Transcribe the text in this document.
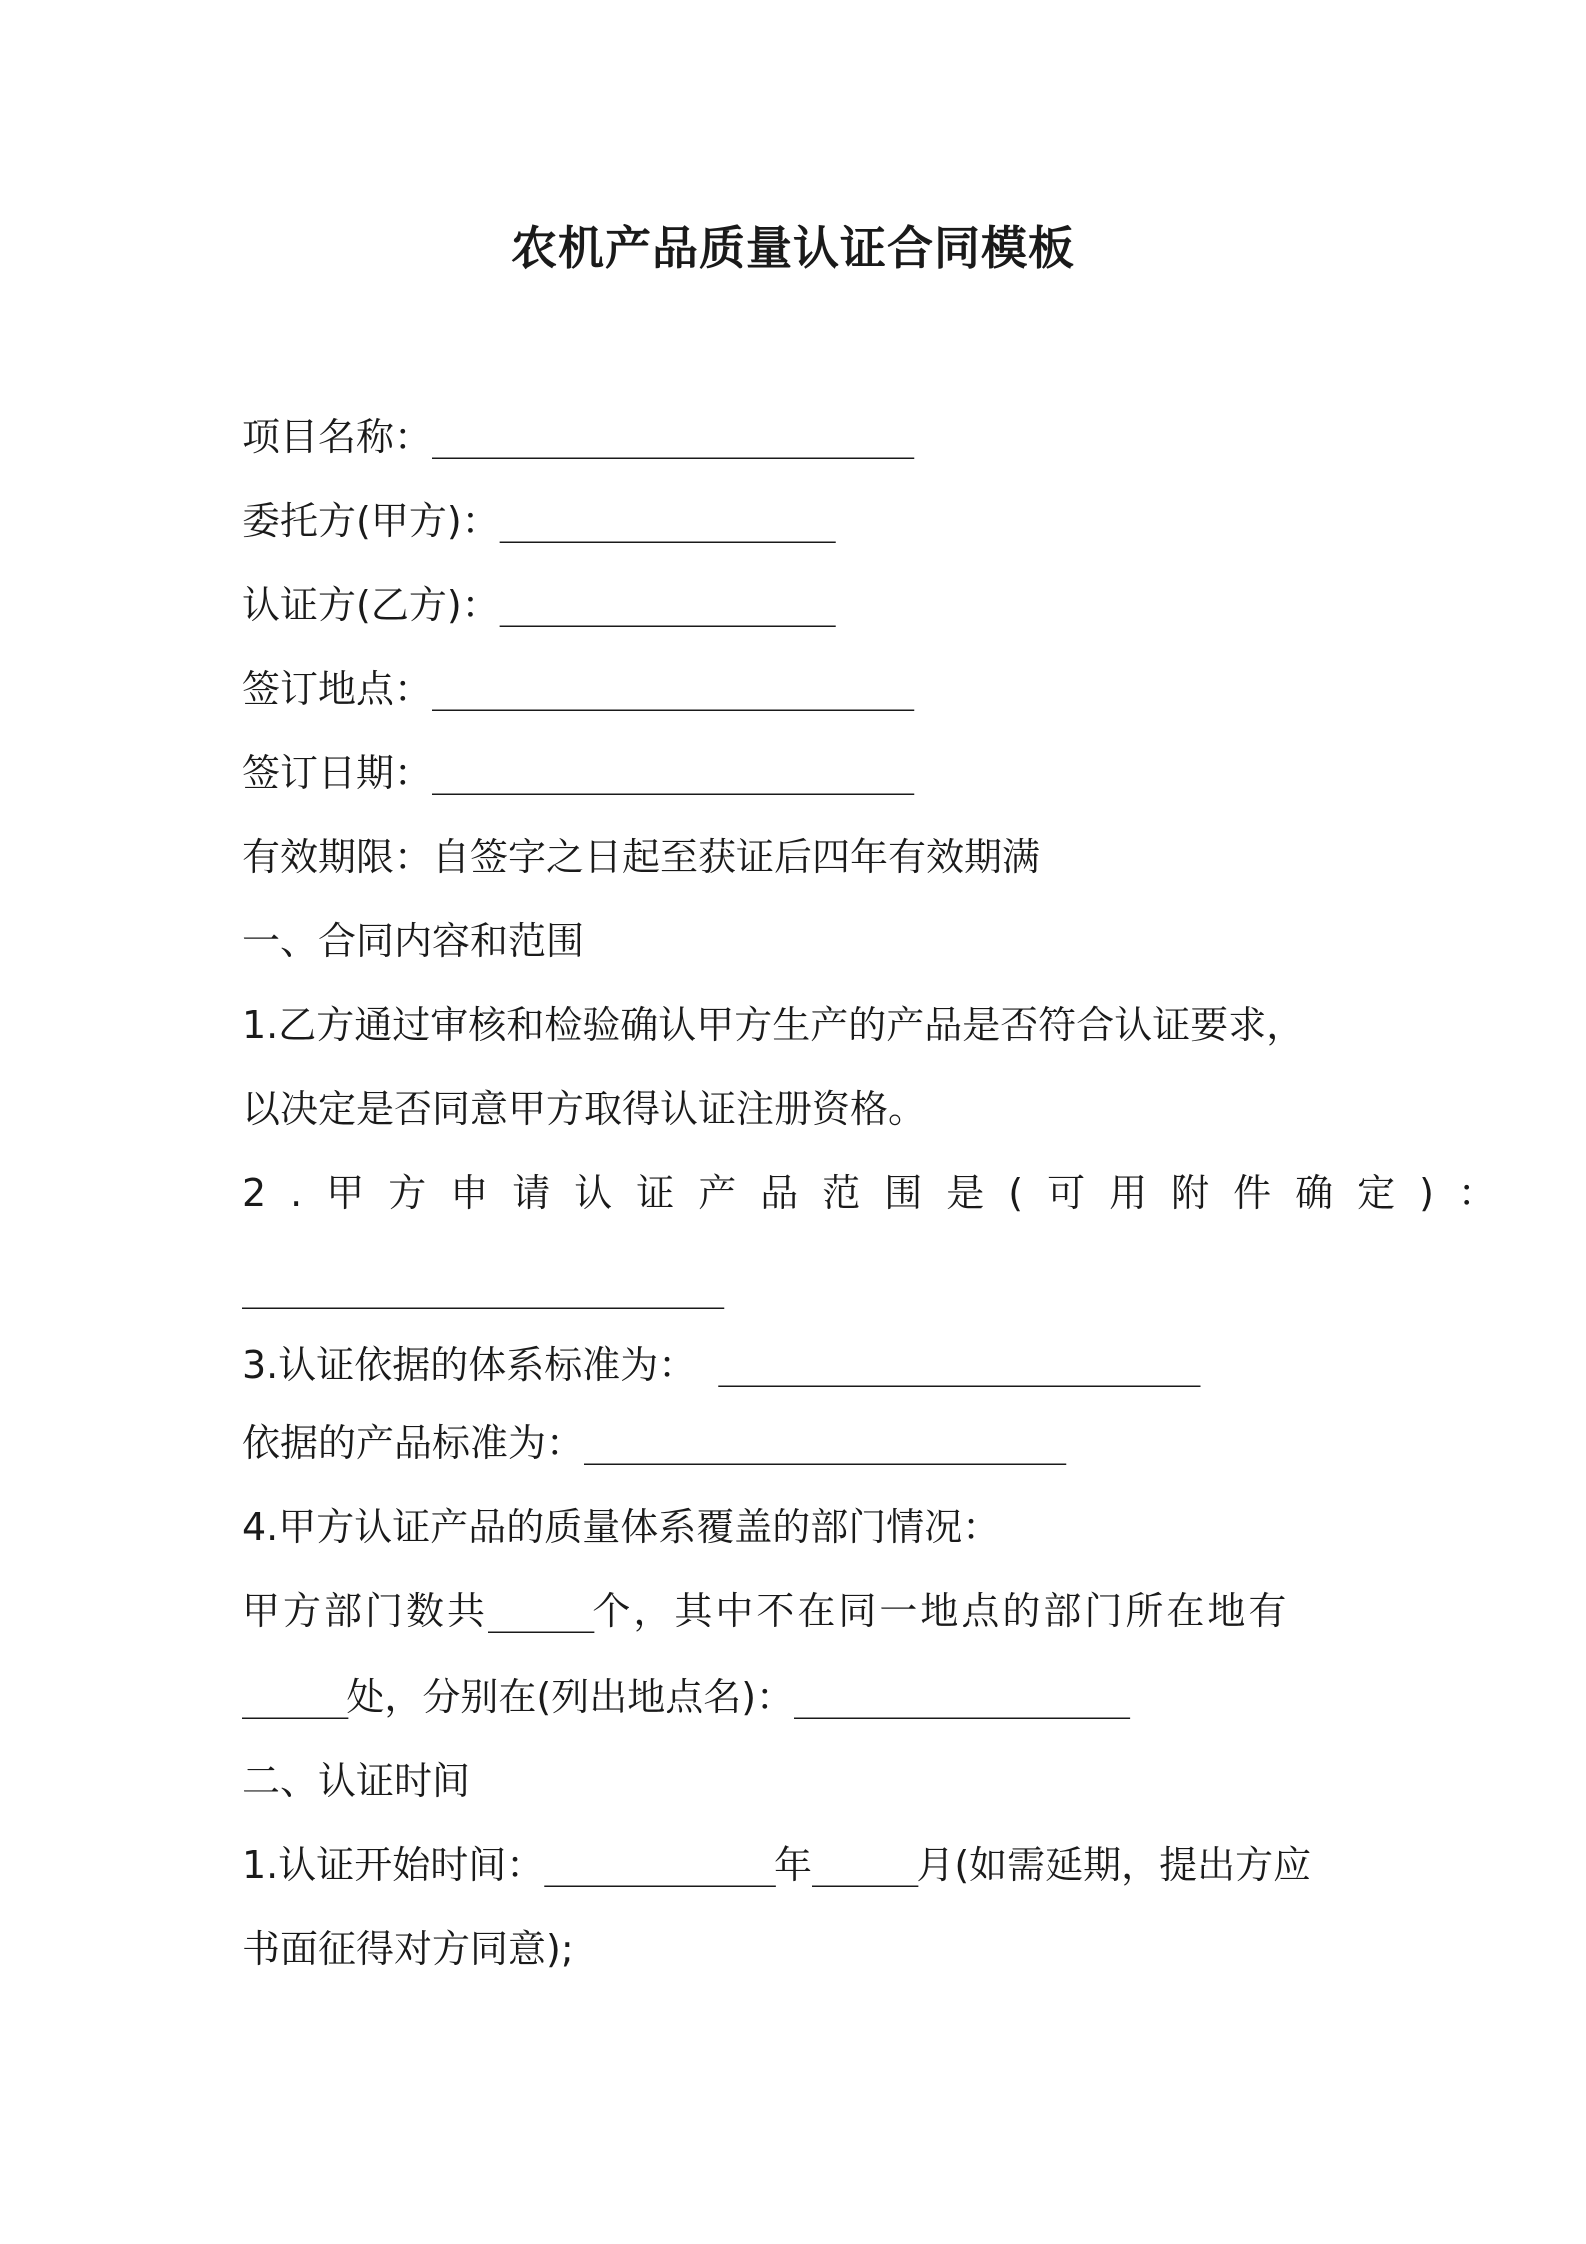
农机产品质量认证合同模板
项目名称：_______________________
委托方(甲方)：________________
认证方(乙方)：________________
签订地点：_______________________
签订日期：_______________________
有效期限：自签字之日起至获证后四年有效期满
一、合同内容和范围
1.乙方通过审核和检验确认甲方生产的产品是否符合认证要求，
以决定是否同意甲方取得认证注册资格。
2.甲方申请认证产品范围是(可用附件确定)：
_______________________
3.认证依据的体系标准为： _______________________
依据的产品标准为：_______________________
4.甲方认证产品的质量体系覆盖的部门情况：
甲方部门数共_____个，其中不在同一地点的部门所在地有
_____处，分别在(列出地点名)：________________
二、认证时间
1.认证开始时间：___________年_____月(如需延期，提出方应
书面征得对方同意);
